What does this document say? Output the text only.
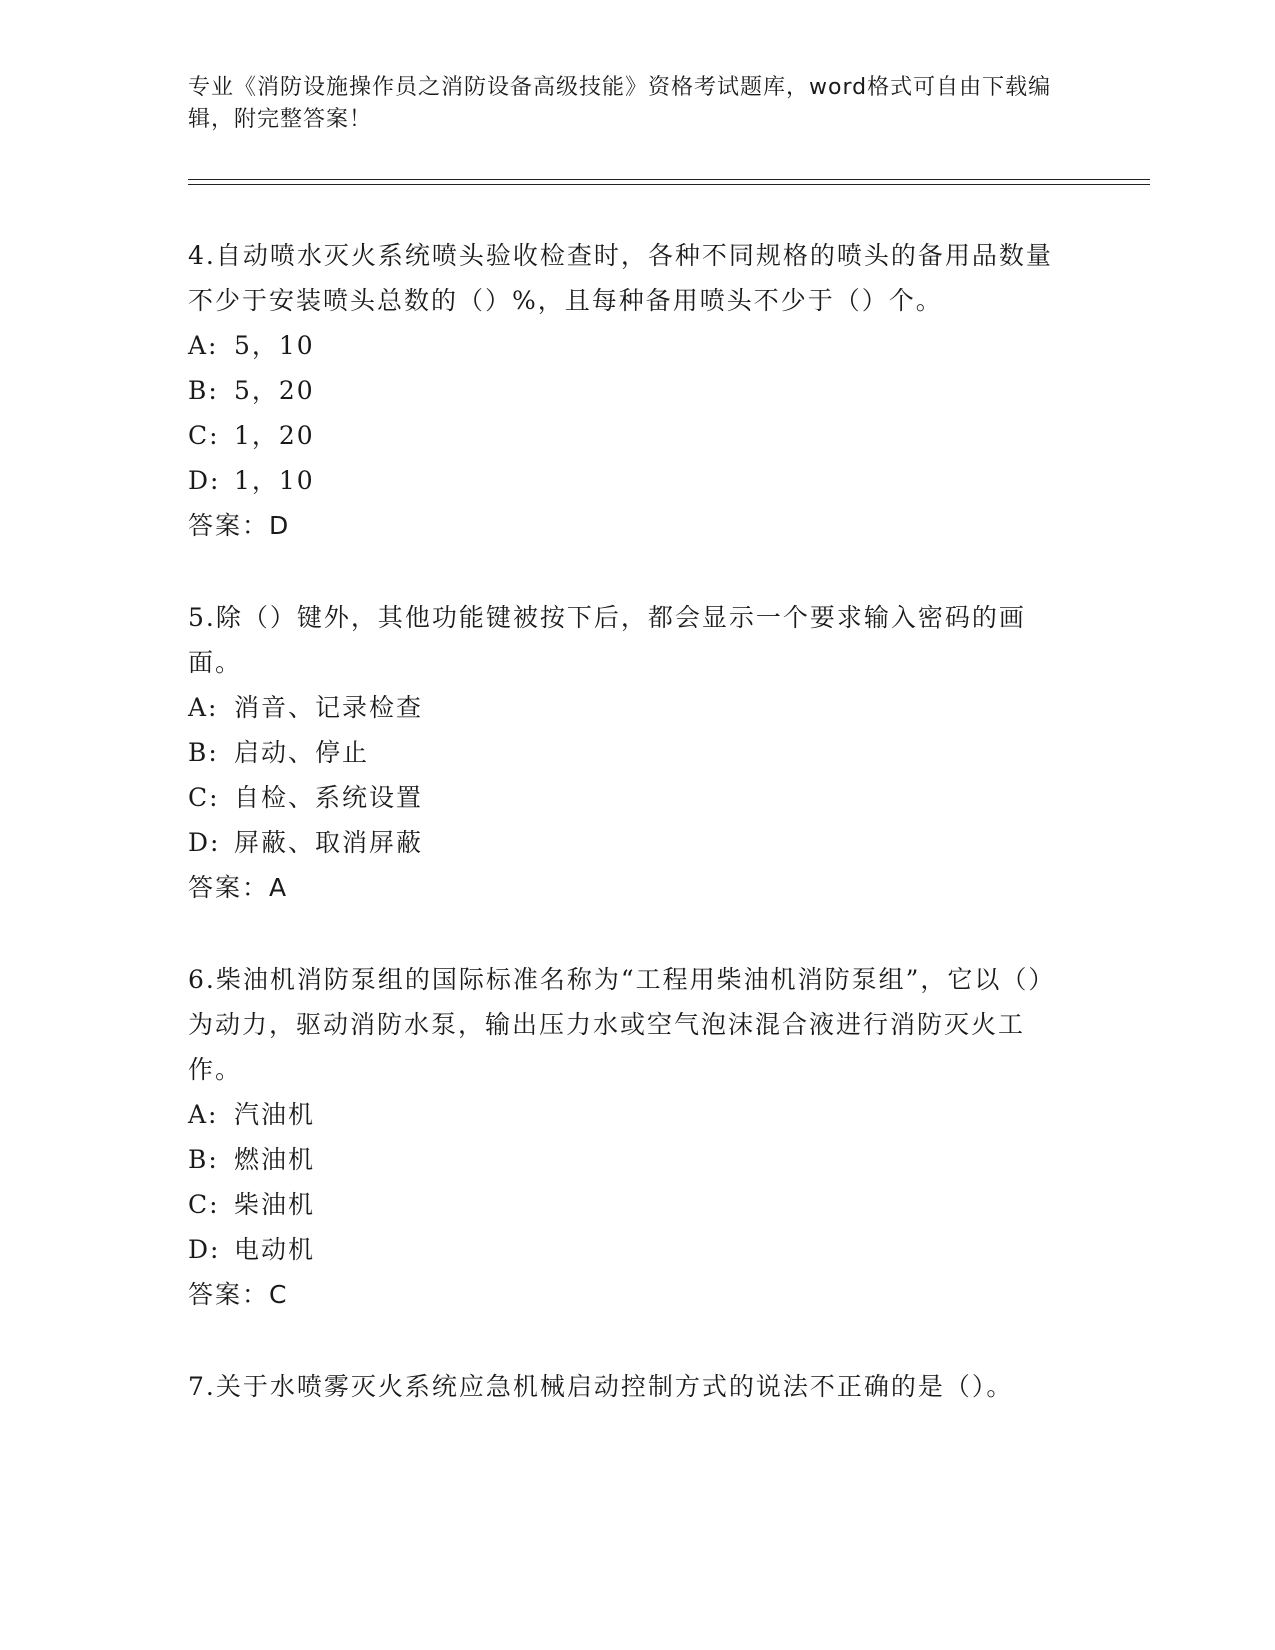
专业《消防设施操作员之消防设备高级技能》资格考试题库，word格式可自由下载编辑，附完整答案！
4.自动喷水灭火系统喷头验收检查时，各种不同规格的喷头的备用品数量不少于安装喷头总数的（）%，且每种备用喷头不少于（）个。
A: 5，10
B: 5，20
C: 1，20
D: 1，10
答案：D
5.除（）键外，其他功能键被按下后，都会显示一个要求输入密码的画面。
A: 消音、记录检查
B: 启动、停止
C: 自检、系统设置
D: 屏蔽、取消屏蔽
答案：A
6.柴油机消防泵组的国际标准名称为“工程用柴油机消防泵组”，它以（）为动力，驱动消防水泵，输出压力水或空气泡沫混合液进行消防灭火工作。
A: 汽油机
B: 燃油机
C: 柴油机
D: 电动机
答案：C
7.关于水喷雾灭火系统应急机械启动控制方式的说法不正确的是（）。
